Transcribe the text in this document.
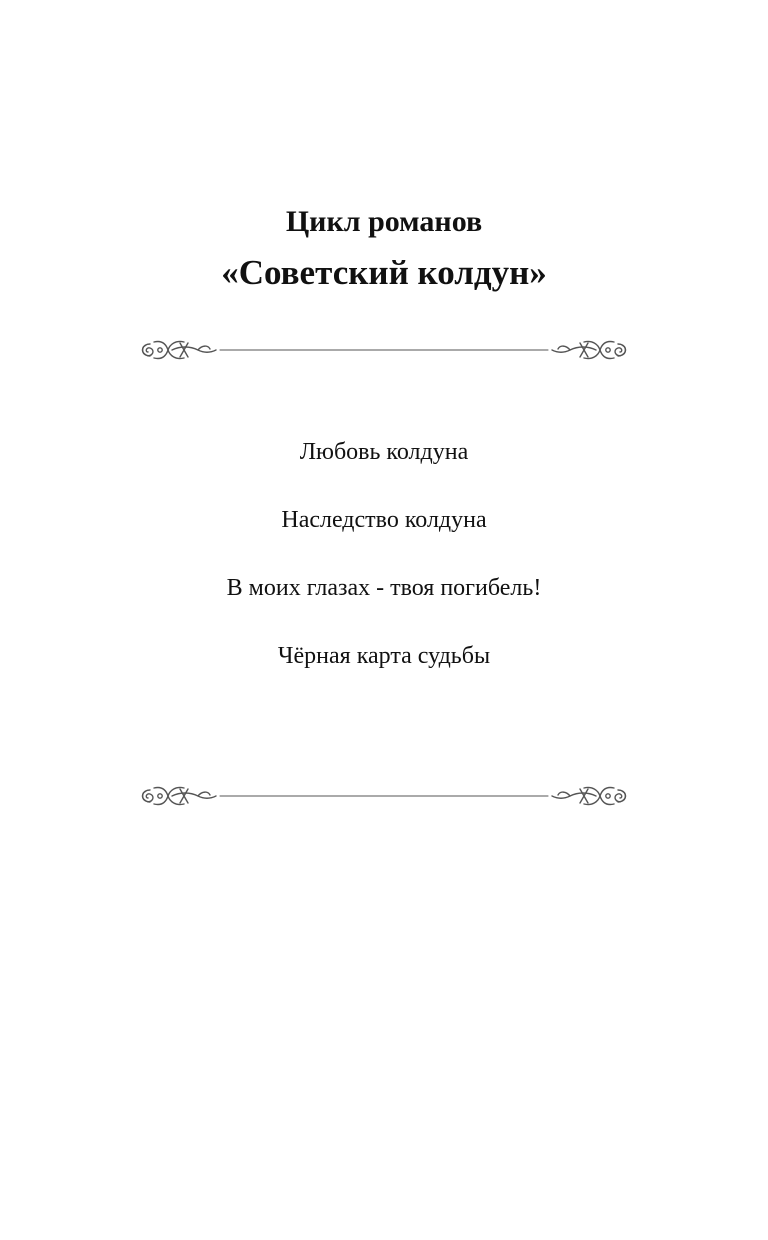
Цикл романов
«Советский колдун»
Любовь колдуна
Наследство колдуна
В моих глазах - твоя погибель!
Чёрная карта судьбы
